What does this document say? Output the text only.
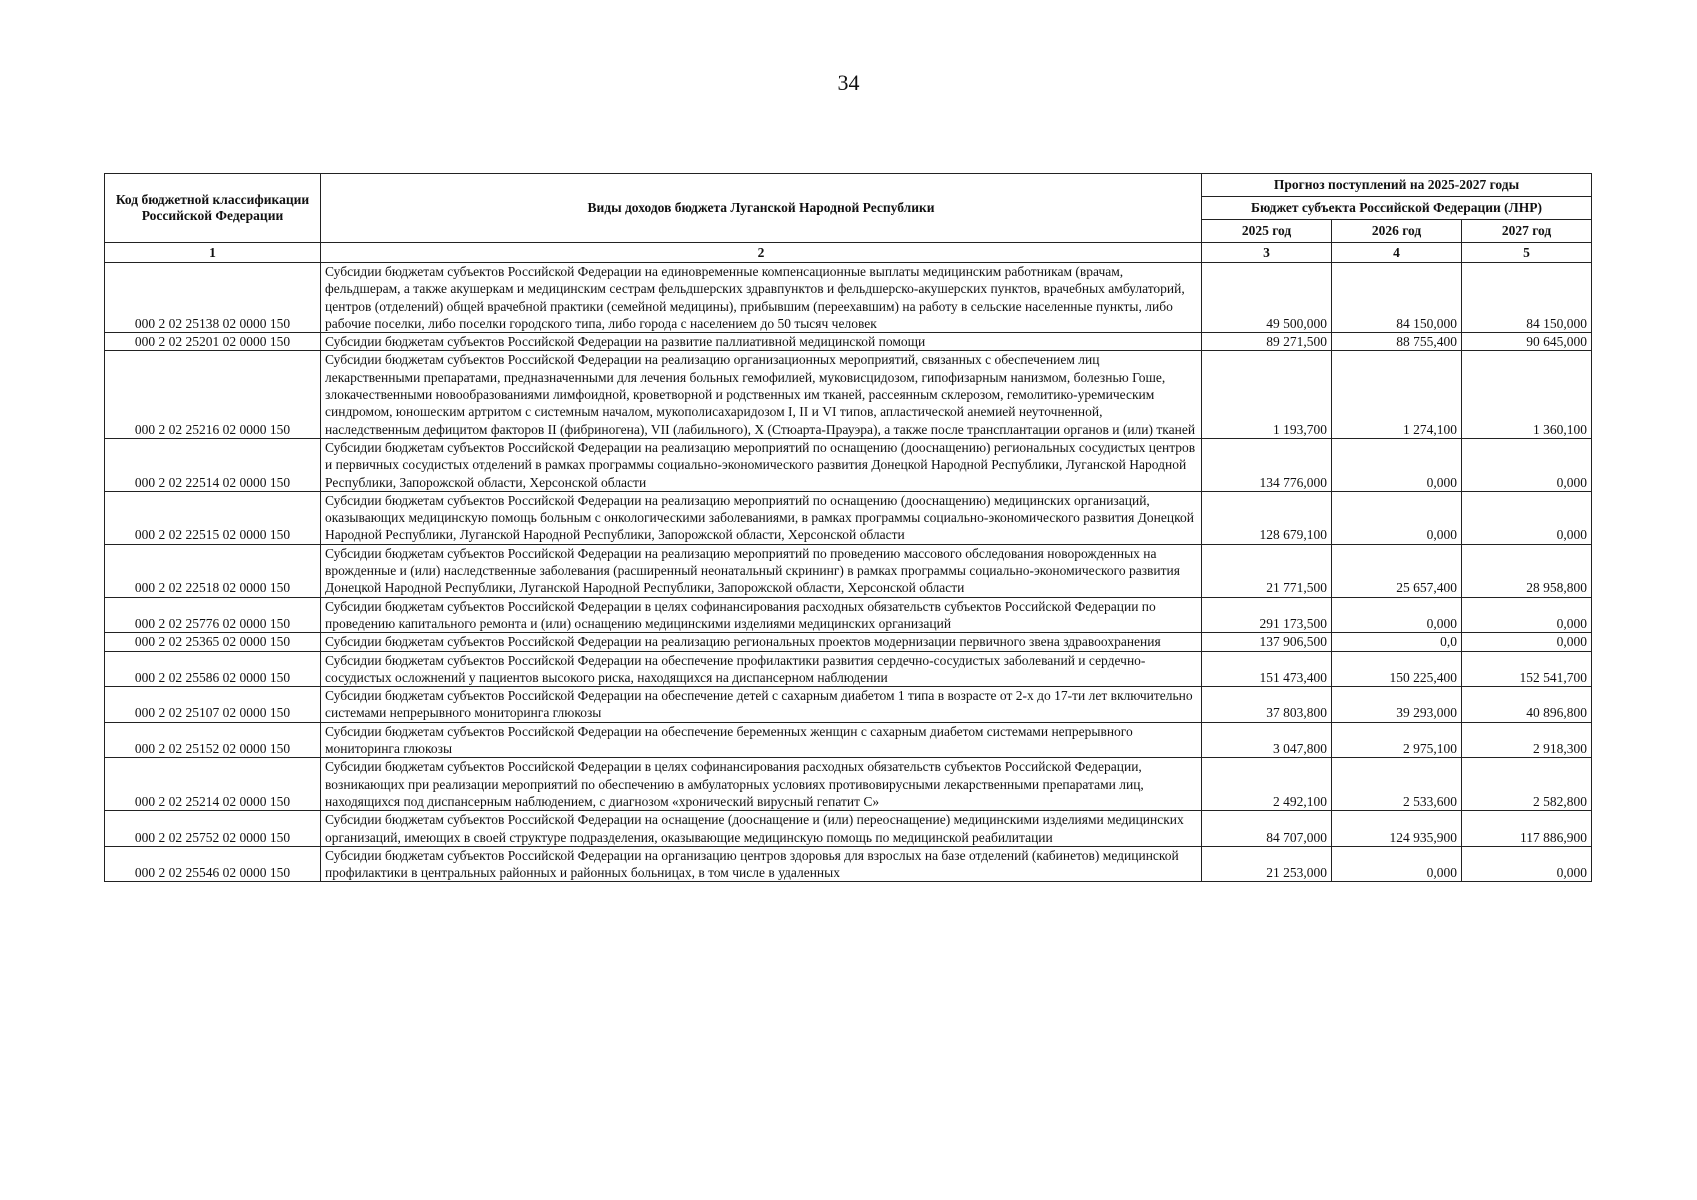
34
Код бюджетной классификации Российской Федерации	Виды доходов бюджета Луганской Народной Республики	Прогноз поступлений на 2025-2027 годы		
		Бюджет субъекта Российской Федерации (ЛНР)		
		2025 год	2026 год	2027 год
1	2	3	4	5
000 2 02 25138 02 0000 150	Субсидии бюджетам субъектов Российской Федерации на единовременные компенсационные выплаты медицинским работникам (врачам, фельдшерам, а также акушеркам и медицинским сестрам фельдшерских здравпунктов и фельдшерско-акушерских пунктов, врачебных амбулаторий, центров (отделений) общей врачебной практики (семейной медицины), прибывшим (переехавшим) на работу в сельские населенные пункты, либо рабочие поселки, либо поселки городского типа, либо города с населением до 50 тысяч человек	49 500,000	84 150,000	84 150,000
000 2 02 25201 02 0000 150	Субсидии бюджетам субъектов Российской Федерации на развитие паллиативной медицинской помощи	89 271,500	88 755,400	90 645,000
000 2 02 25216 02 0000 150	Субсидии бюджетам субъектов Российской Федерации на реализацию организационных мероприятий, связанных с обеспечением лиц лекарственными препаратами, предназначенными для лечения больных гемофилией, муковисцидозом, гипофизарным нанизмом, болезнью Гоше, злокачественными новообразованиями лимфоидной, кроветворной и родственных им тканей, рассеянным склерозом, гемолитико-уремическим синдромом, юношеским артритом с системным началом, мукополисахаридозом I, II и VI типов, апластической анемией неуточненной, наследственным дефицитом факторов II (фибриногена), VII (лабильного), X (Стюарта-Прауэра), а также после трансплантации органов и (или) тканей	1 193,700	1 274,100	1 360,100
000 2 02 22514 02 0000 150	Субсидии бюджетам субъектов Российской Федерации на реализацию мероприятий по оснащению (дооснащению) региональных сосудистых центров и первичных сосудистых отделений в рамках программы социально-экономического развития Донецкой Народной Республики, Луганской Народной Республики, Запорожской области, Херсонской области	134 776,000	0,000	0,000
000 2 02 22515 02 0000 150	Субсидии бюджетам субъектов Российской Федерации на реализацию мероприятий по оснащению (дооснащению) медицинских организаций, оказывающих медицинскую помощь больным с онкологическими заболеваниями, в рамках программы социально-экономического развития Донецкой Народной Республики, Луганской Народной Республики, Запорожской области, Херсонской области	128 679,100	0,000	0,000
000 2 02 22518 02 0000 150	Субсидии бюджетам субъектов Российской Федерации на реализацию мероприятий по проведению массового обследования новорожденных на врожденные и (или) наследственные заболевания (расширенный неонатальный скрининг) в рамках программы социально-экономического развития Донецкой Народной Республики, Луганской Народной Республики, Запорожской области, Херсонской области	21 771,500	25 657,400	28 958,800
000 2 02 25776 02 0000 150	Субсидии бюджетам субъектов Российской Федерации в целях софинансирования расходных обязательств субъектов Российской Федерации по проведению капитального ремонта и (или) оснащению медицинскими изделиями медицинских организаций	291 173,500	0,000	0,000
000 2 02 25365 02 0000 150	Субсидии бюджетам субъектов Российской Федерации на реализацию региональных проектов модернизации первичного звена здравоохранения	137 906,500	0,0	0,000
000 2 02 25586 02 0000 150	Субсидии бюджетам субъектов Российской Федерации на обеспечение профилактики развития сердечно-сосудистых заболеваний и сердечно-сосудистых осложнений у пациентов высокого риска, находящихся на диспансерном наблюдении	151 473,400	150 225,400	152 541,700
000 2 02 25107 02 0000 150	Субсидии бюджетам субъектов Российской Федерации на обеспечение детей с сахарным диабетом 1 типа в возрасте от 2-х до 17-ти лет включительно системами непрерывного мониторинга глюкозы	37 803,800	39 293,000	40 896,800
000 2 02 25152 02 0000 150	Субсидии бюджетам субъектов Российской Федерации на обеспечение беременных женщин с сахарным диабетом системами непрерывного мониторинга глюкозы	3 047,800	2 975,100	2 918,300
000 2 02 25214 02 0000 150	Субсидии бюджетам субъектов Российской Федерации в целях софинансирования расходных обязательств субъектов Российской Федерации, возникающих при реализации мероприятий по обеспечению в амбулаторных условиях противовирусными лекарственными препаратами лиц, находящихся под диспансерным наблюдением, с диагнозом «хронический вирусный гепатит C»	2 492,100	2 533,600	2 582,800
000 2 02 25752 02 0000 150	Субсидии бюджетам субъектов Российской Федерации на оснащение (дооснащение и (или) переоснащение) медицинскими изделиями медицинских организаций, имеющих в своей структуре подразделения, оказывающие медицинскую помощь по медицинской реабилитации	84 707,000	124 935,900	117 886,900
000 2 02 25546 02 0000 150	Субсидии бюджетам субъектов Российской Федерации на организацию центров здоровья для взрослых на базе отделений (кабинетов) медицинской профилактики в центральных районных и районных больницах, в том числе в удаленных	21 253,000	0,000	0,000
